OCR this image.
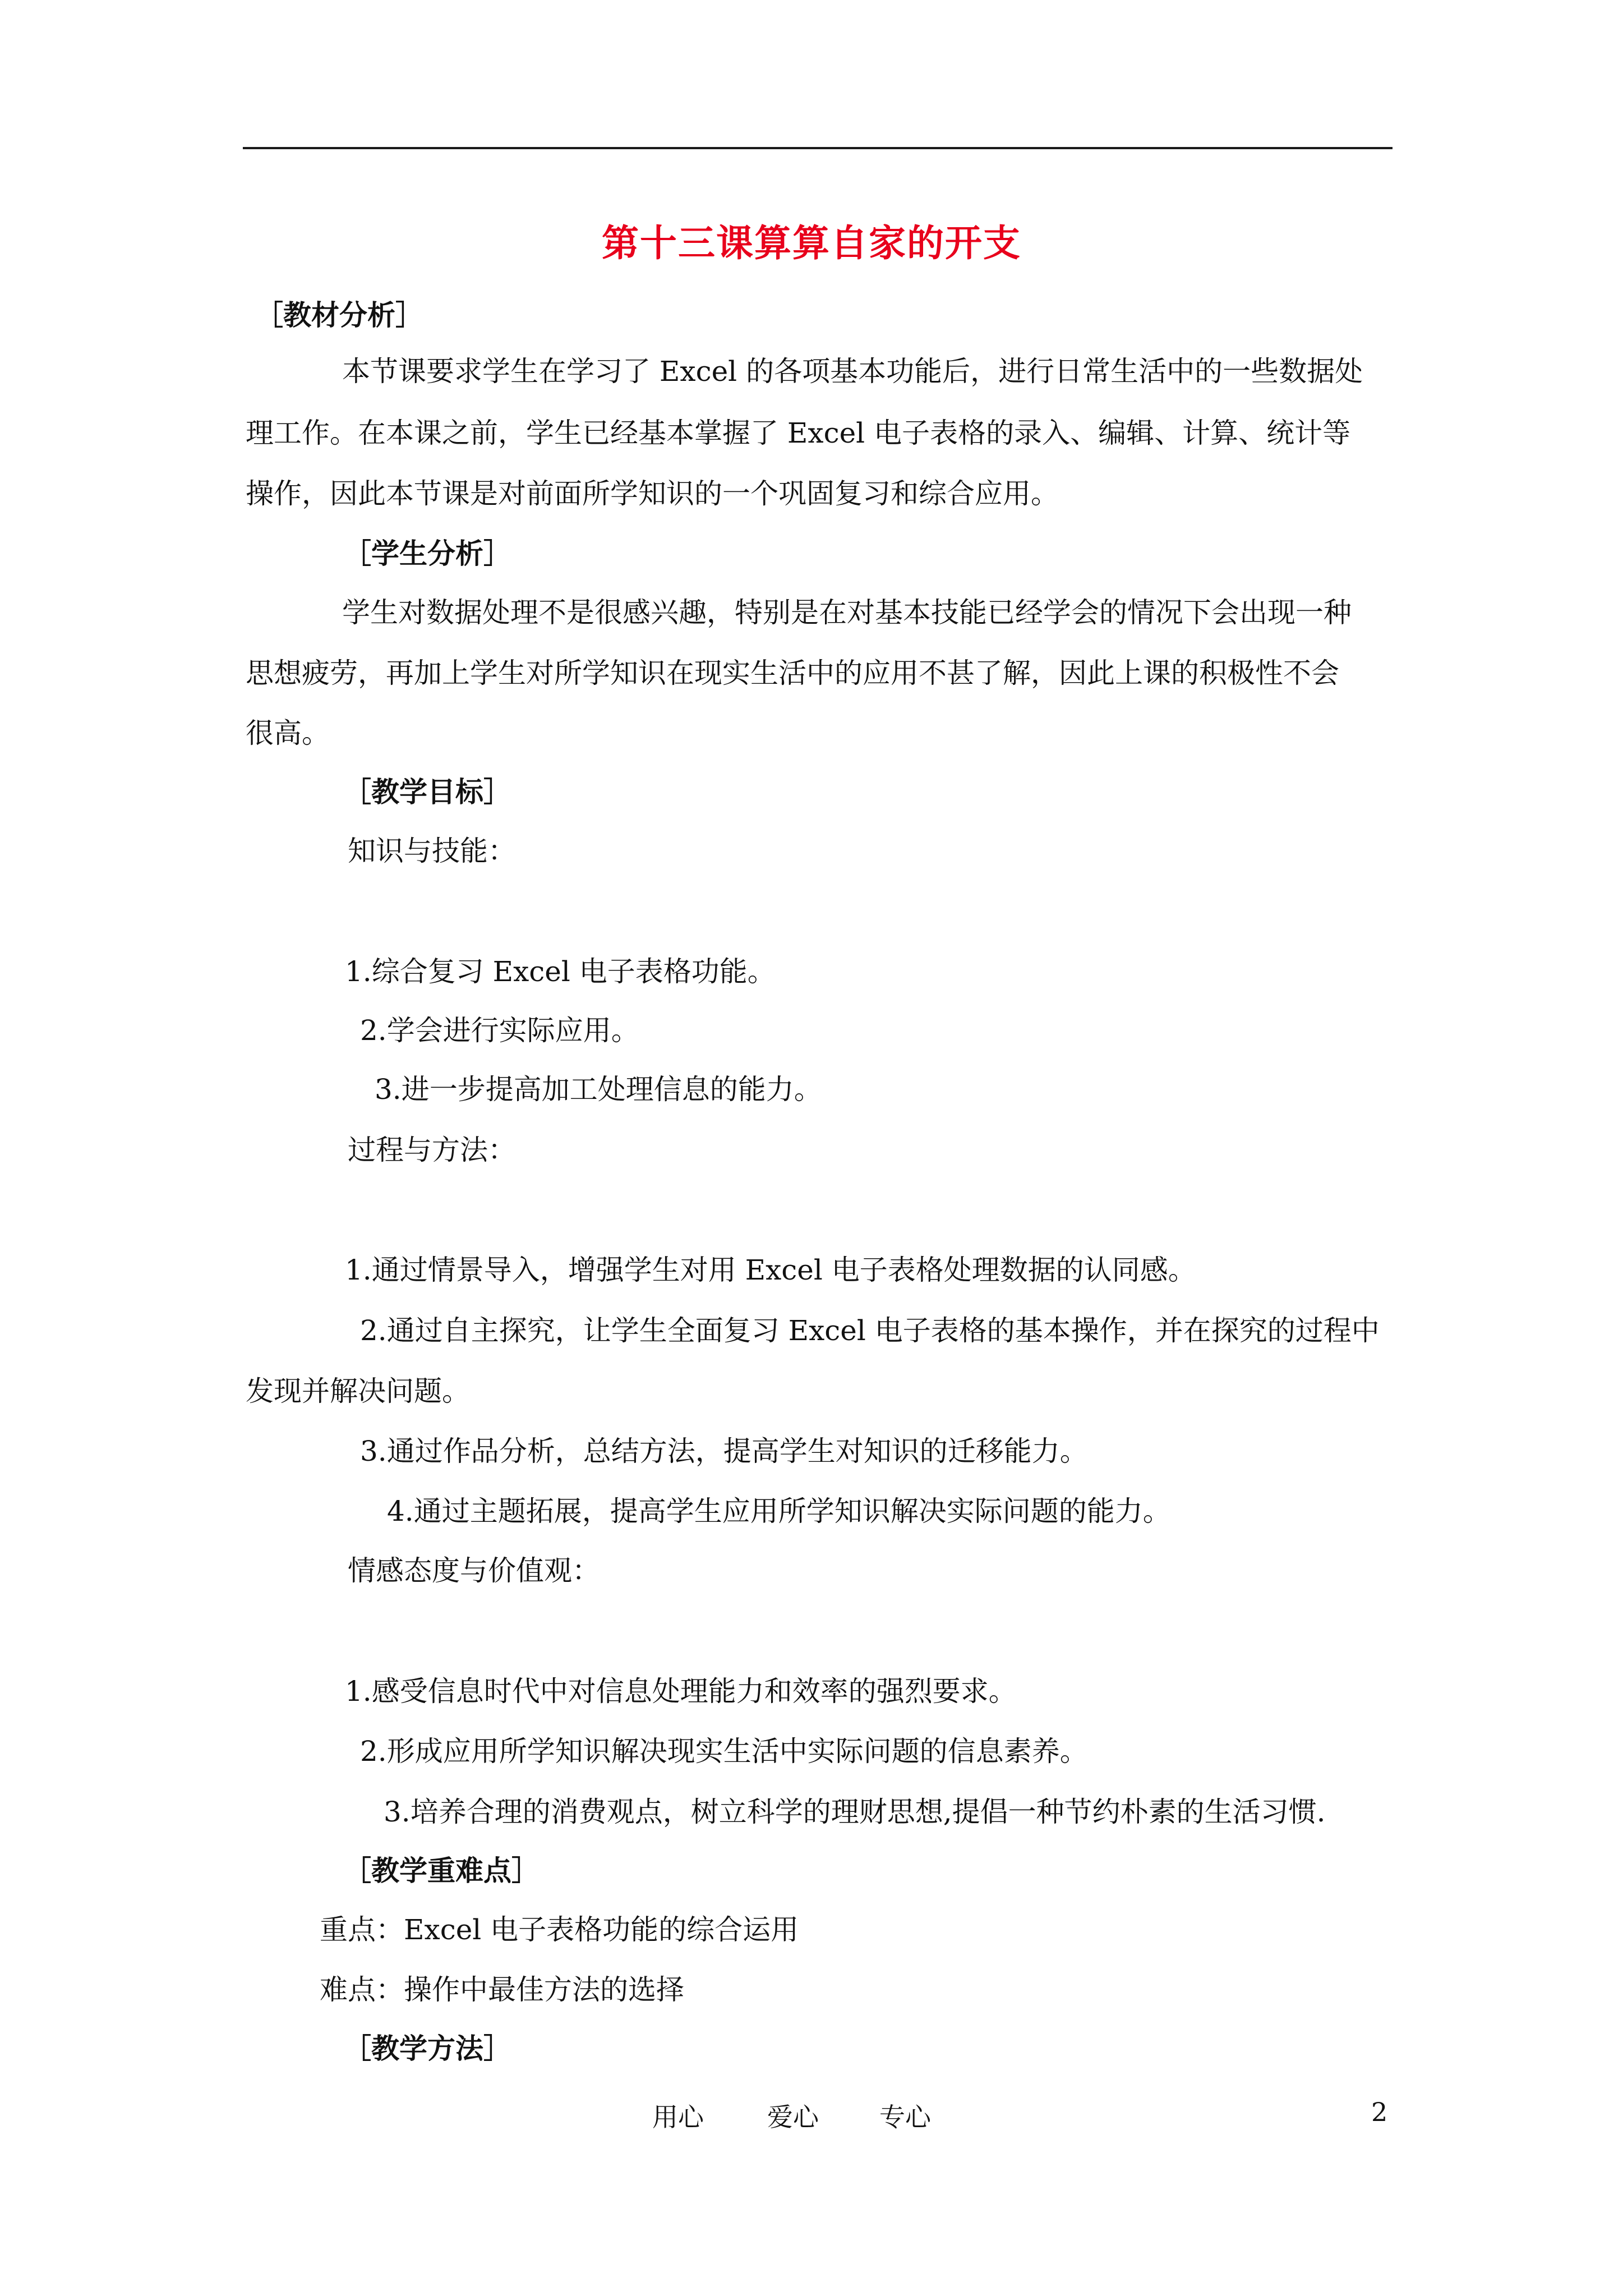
第十三课算算自家的开支
［教材分析］
本节课要求学生在学习了 Excel 的各项基本功能后，进行日常生活中的一些数据处
理工作。在本课之前，学生已经基本掌握了 Excel 电子表格的录入、编辑、计算、统计等
操作，因此本节课是对前面所学知识的一个巩固复习和综合应用。
［学生分析］
学生对数据处理不是很感兴趣，特别是在对基本技能已经学会的情况下会出现一种
思想疲劳，再加上学生对所学知识在现实生活中的应用不甚了解，因此上课的积极性不会
很高。
［教学目标］
知识与技能：
1.综合复习 Excel 电子表格功能。
2.学会进行实际应用。
3.进一步提高加工处理信息的能力。
过程与方法：
1.通过情景导入，增强学生对用 Excel 电子表格处理数据的认同感。
2.通过自主探究，让学生全面复习 Excel 电子表格的基本操作，并在探究的过程中
发现并解决问题。
3.通过作品分析，总结方法，提高学生对知识的迁移能力。
4.通过主题拓展，提高学生应用所学知识解决实际问题的能力。
情感态度与价值观：
1.感受信息时代中对信息处理能力和效率的强烈要求。
2.形成应用所学知识解决现实生活中实际问题的信息素养。
3.培养合理的消费观点，树立科学的理财思想,提倡一种节约朴素的生活习惯.
［教学重难点］
重点：Excel 电子表格功能的综合运用
难点：操作中最佳方法的选择
［教学方法］
用心 爱心 专心	2
